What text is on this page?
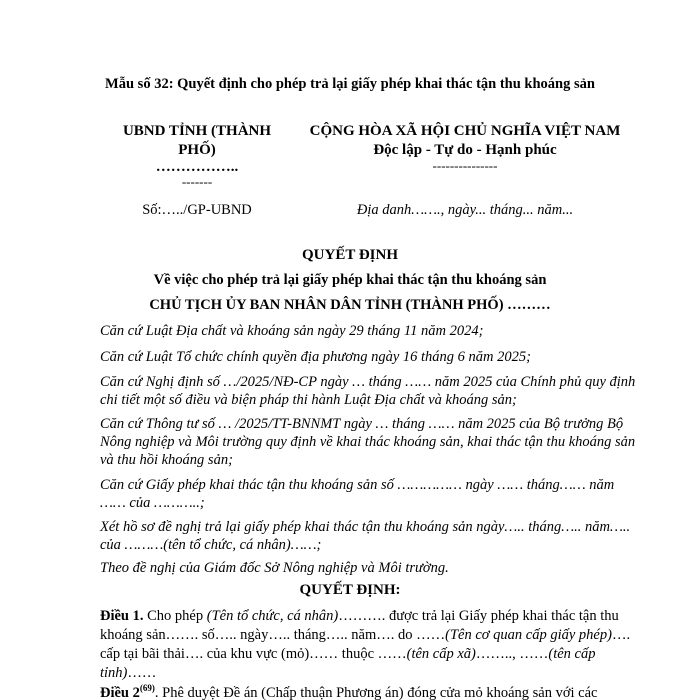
Mẫu số 32: Quyết định cho phép trả lại giấy phép khai thác tận thu khoáng sản
UBND TỈNH (THÀNH
PHỐ)
……………..
-------
CỘNG HÒA XÃ HỘI CHỦ NGHĨA VIỆT NAM
Độc lập - Tự do - Hạnh phúc
---------------
Số:…../GP-UBND	Địa danh……., ngày... tháng... năm...
QUYẾT ĐỊNH
Về việc cho phép trả lại giấy phép khai thác tận thu khoáng sản
CHỦ TỊCH ỦY BAN NHÂN DÂN TỈNH (THÀNH PHỐ) ………

Căn cứ Luật Địa chất và khoáng sản ngày 29 tháng 11 năm 2024;

Căn cứ Luật Tổ chức chính quyền địa phương ngày 16 tháng 6 năm 2025;

Căn cứ Nghị định số …/2025/NĐ-CP ngày … tháng …… năm 2025 của Chính phủ quy định chi tiết một số điều và biện pháp thi hành Luật Địa chất và khoáng sản;

Căn cứ Thông tư số … /2025/TT-BNNMT ngày … tháng …… năm 2025 của Bộ trưởng Bộ Nông nghiệp và Môi trường quy định về khai thác khoáng sản, khai thác tận thu khoáng sản và thu hồi khoáng sản;

Căn cứ Giấy phép khai thác tận thu khoáng sản số …………… ngày …… tháng…… năm …… của ………..;

Xét hồ sơ đề nghị trả lại giấy phép khai thác tận thu khoáng sản ngày….. tháng….. năm….. của ………(tên tổ chức, cá nhân)……;

Theo đề nghị của Giám đốc Sở Nông nghiệp và Môi trường.

QUYẾT ĐỊNH:

Điều 1. Cho phép (Tên tổ chức, cá nhân)………. được trả lại Giấy phép khai thác tận thu khoáng sản……. số….. ngày….. tháng….. năm…. do ……(Tên cơ quan cấp giấy phép)…. cấp tại bãi thải…. của khu vực (mỏ)…… thuộc ……(tên cấp xã)…….., ……(tên cấp tỉnh)……

Điều 2$^{(69)}$. Phê duyệt Đề án (Chấp thuận Phương án) đóng cửa mỏ khoáng sản với các
